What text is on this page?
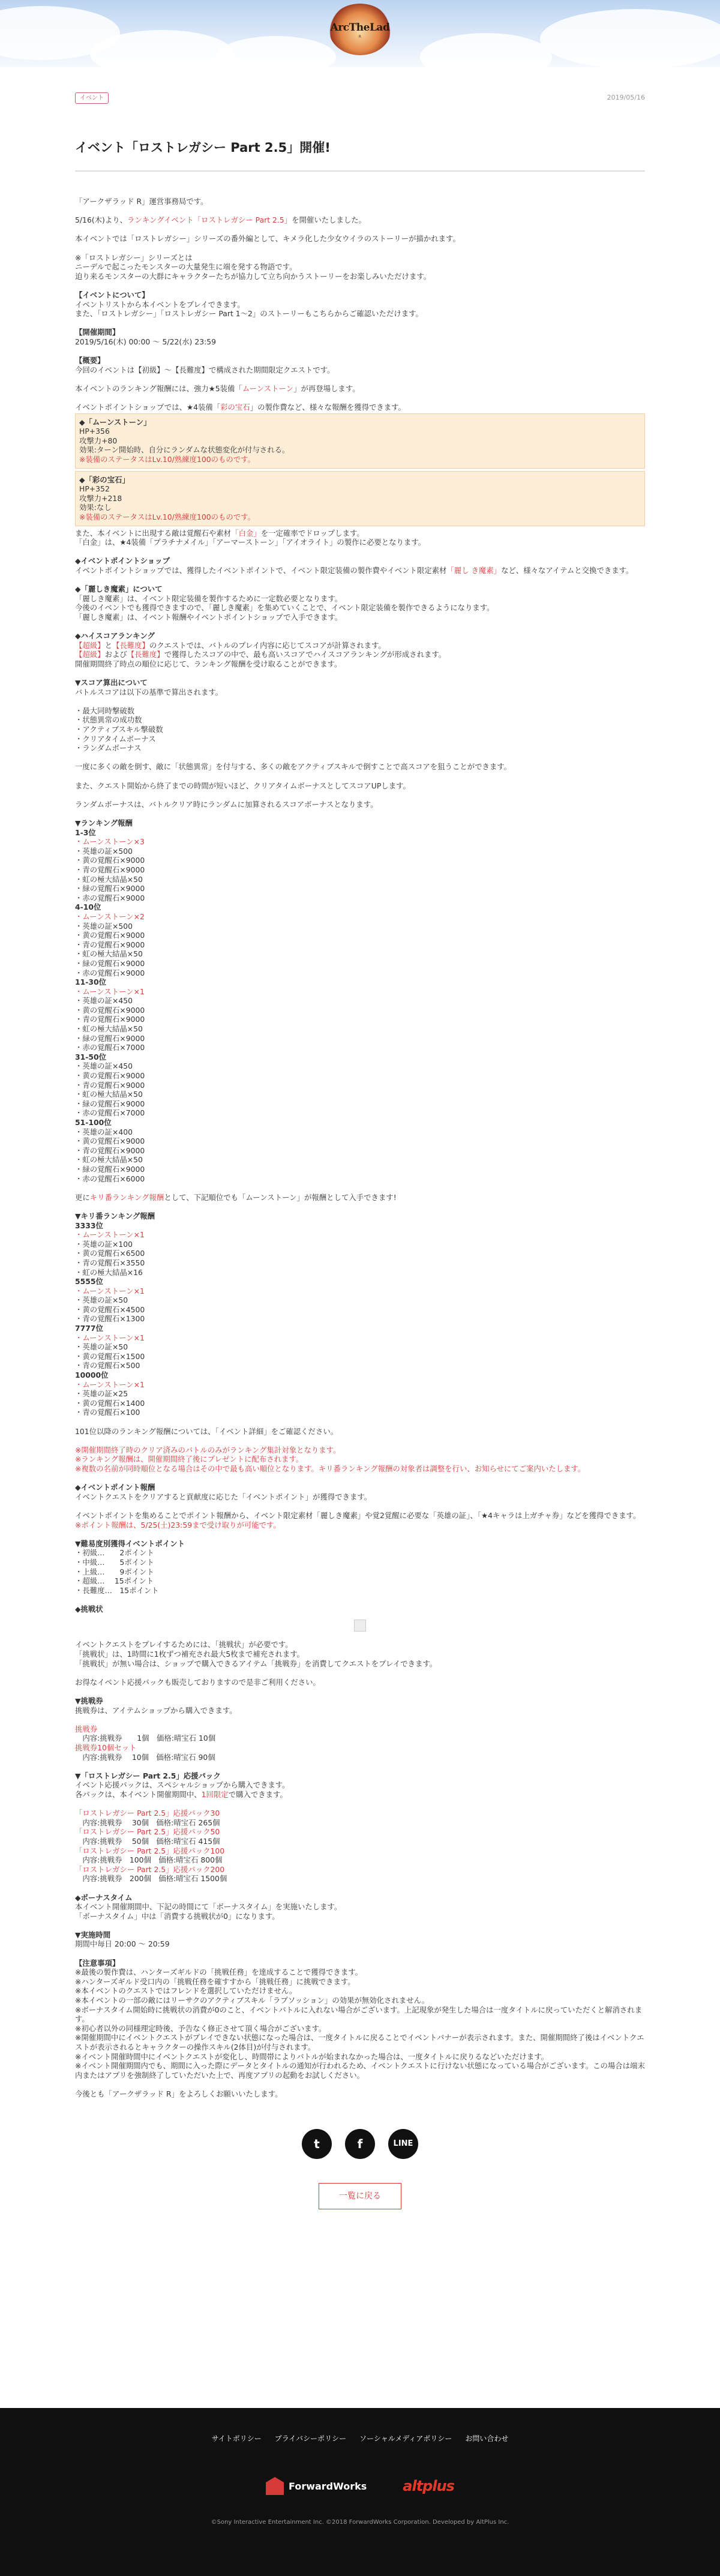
ArcTheLad
R
イベント	2019/05/16
イベント「ロストレガシー Part 2.5」開催!

「アークザラッド R」運営事務局です。

5/16(木)より、ランキングイベント「ロストレガシー Part 2.5」を開催いたしました。

本イベントでは「ロストレガシー」シリーズの番外編として、キメラ化した少女ウイラのストーリーが描かれます。

※「ロストレガシー」シリーズとは

ニーデルで起こったモンスターの大量発生に端を発する物語です。

迫り来るモンスターの大群にキャラクターたちが協力して立ち向かうストーリーをお楽しみいただけます。

【イベントについて】

イベントリストから本イベントをプレイできます。

また、「ロストレガシー」「ロストレガシー Part 1〜2」のストーリーもこちらからご確認いただけます。

【開催期間】

2019/5/16(木) 00:00 〜 5/22(水) 23:59

【概要】

今回のイベントは【初級】〜【長難度】で構成された期間限定クエストです。

本イベントのランキング報酬には、強力★5装備「ムーンストーン」が再登場します。

イベントポイントショップでは、★4装備「彩の宝石」の製作費など、様々な報酬を獲得できます。

◆「ムーンストーン」

HP+356

攻撃力+80

効果:ターン開始時、自分にランダムな状態変化が付与される。

※装備のステータスはLv.10/熟練度100のものです。

◆「彩の宝石」

HP+352

攻撃力+218

効果:なし

※装備のステータスはLv.10/熟練度100のものです。

また、本イベントに出現する敵は覚醒石や素材「白金」を一定確率でドロップします。

「白金」は、★4装備「プラチナメイル」「アーマーストーン」「アイオライト」の製作に必要となります。

◆イベントポイントショップ

イベントポイントショップでは、獲得したイベントポイントで、イベント限定装備の製作費やイベント限定素材「麗し き魔素」など、様々なアイテムと交換できます。

◆「麗しき魔素」について

「麗しき魔素」は、イベント限定装備を製作するために一定数必要となります。

今後のイベントでも獲得できますので、「麗しき魔素」を集めていくことで、イベント限定装備を製作できるようになります。

「麗しき魔素」は、イベント報酬やイベントポイントショップで入手できます。

◆ハイスコアランキング

【超級】と【長難度】のクエストでは、バトルのプレイ内容に応じてスコアが計算されます。

【超級】および【長難度】で獲得したスコアの中で、最も高いスコアでハイスコアランキングが形成されます。

開催期間終了時点の順位に応じて、ランキング報酬を受け取ることができます。

▼スコア算出について

バトルスコアは以下の基準で算出されます。

・最大同時撃破数

・状態異常の成功数

・アクティブスキル撃破数

・クリアタイムボーナス

・ランダムボーナス

一度に多くの敵を倒す、敵に「状態異常」を付与する、多くの敵をアクティブスキルで倒すことで高スコアを狙うことができます。

また、クエスト開始から終了までの時間が短いほど、クリアタイムボーナスとしてスコアUPします。

ランダムボーナスは、バトルクリア時にランダムに加算されるスコアボーナスとなります。

▼ランキング報酬

1-3位

・ムーンストーン×3

・英雄の証×500

・黄の覚醒石×9000

・青の覚醒石×9000

・虹の極大結晶×50

・緑の覚醒石×9000

・赤の覚醒石×9000

4-10位

・ムーンストーン×2

・英雄の証×500

・黄の覚醒石×9000

・青の覚醒石×9000

・虹の極大結晶×50

・緑の覚醒石×9000

・赤の覚醒石×9000

11-30位

・ムーンストーン×1

・英雄の証×450

・黄の覚醒石×9000

・青の覚醒石×9000

・虹の極大結晶×50

・緑の覚醒石×9000

・赤の覚醒石×7000

31-50位

・英雄の証×450

・黄の覚醒石×9000

・青の覚醒石×9000

・虹の極大結晶×50

・緑の覚醒石×9000

・赤の覚醒石×7000

51-100位

・英雄の証×400

・黄の覚醒石×9000

・青の覚醒石×9000

・虹の極大結晶×50

・緑の覚醒石×9000

・赤の覚醒石×6000

更にキリ番ランキング報酬として、下記順位でも「ムーンストーン」が報酬として入手できます!

▼キリ番ランキング報酬

3333位

・ムーンストーン×1

・英雄の証×100

・黄の覚醒石×6500

・青の覚醒石×3550

・虹の極大結晶×16

5555位

・ムーンストーン×1

・英雄の証×50

・黄の覚醒石×4500

・青の覚醒石×1300

7777位

・ムーンストーン×1

・英雄の証×50

・黄の覚醒石×1500

・青の覚醒石×500

10000位

・ムーンストーン×1

・英雄の証×25

・黄の覚醒石×1400

・青の覚醒石×100

101位以降のランキング報酬については、「イベント詳細」をご確認ください。

※開催期間終了時のクリア済みのバトルのみがランキング集計対象となります。

※ランキング報酬は、開催期間終了後にプレゼントに配布されます。

※複数の名前が同時順位となる場合はその中で最も高い順位となります。キリ番ランキング報酬の対象者は調整を行い、お知らせにてご案内いたします。

◆イベントポイント報酬

イベントクエストをクリアすると貢献度に応じた「イベントポイント」が獲得できます。

イベントポイントを集めることでポイント報酬から、イベント限定素材「麗しき魔素」や覚2覚醒に必要な「英雄の証」、「★4キャラは上ガチャ券」などを獲得できます。

※ポイント報酬は、5/25(土)23:59まで受け取りが可能です。

▼難易度別獲得イベントポイント

・初級…　　2ポイント

・中級…　　5ポイント

・上級…　　9ポイント

・超級…　 15ポイント

・長難度…　15ポイント

◆挑戦状

イベントクエストをプレイするためには、「挑戦状」が必要です。

「挑戦状」は、1時間に1枚ずつ補充され最大5枚まで補充されます。

「挑戦状」が無い場合は、ショップで購入できるアイテム「挑戦券」を消費してクエストをプレイできます。

お得なイベント応援パックも販売しておりますので是非ご利用ください。

▼挑戦券

挑戦券は、アイテムショップから購入できます。

挑戦券

　内容:挑戦券　　1個　価格:晴宝石 10個

挑戦券10個セット

　内容:挑戦券　 10個　価格:晴宝石 90個

▼「ロストレガシー Part 2.5」応援パック

イベント応援パックは、スペシャルショップから購入できます。

各パックは、本イベント開催期間中、1回限定で購入できます。

「ロストレガシー Part 2.5」応援パック30

　内容:挑戦券　 30個　価格:晴宝石 265個

「ロストレガシー Part 2.5」応援パック50

　内容:挑戦券　 50個　価格:晴宝石 415個

「ロストレガシー Part 2.5」応援パック100

　内容:挑戦券　100個　価格:晴宝石 800個

「ロストレガシー Part 2.5」応援パック200

　内容:挑戦券　200個　価格:晴宝石 1500個

◆ボーナスタイム

本イベント開催期間中、下記の時間にて「ボーナスタイム」を実施いたします。

「ボーナスタイム」中は「消費する挑戦状が0」になります。

▼実施時間

期間中毎日 20:00 〜 20:59

【注意事項】

※最後の製作費は、ハンターズギルドの「挑戦任務」を達成することで獲得できます。

※ハンターズギルド受口内の「挑戦任務を確すすから「挑戦任務」に挑戦できます。

※本イベントのクエストではフレンドを選択していただけません。

※本イベントの一部の敵にはリーサクのアクティブスキル「ラプソッション」の効果が無効化されません。

※ボーナスタイム開始時に挑戦状の消費が0のこと、イベントバトルに入れない場合がございます。上記現象が発生した場合は一度タイトルに戻っていただくと解消されます。

※初心者以外の同様理定時後、予告なく修正させて頂く場合がございます。

※開催期間中にイベントクエストがプレイできない状態になった場合は、一度タイトルに戻ることでイベントバナーが表示されます。また、開催期間終了後はイベントクエストが表示されるとキャラクターの操作スキル(2体目)が付与されます。

※イベント開催時間中にイベントクエストが変化し、時間帯によりバトルが始まれなかった場合は、一度タイトルに戻りるなどいただけます。

※イベント開催期間内でも、期間に入った際にデータとタイトルの通知が行われるため、イベントクエストに行けない状態になっている場合がございます。この場合は端末内またはアプリを強制終了していただいた上で、再度アプリの起動をお試しください。

今後とも「アークザラッド R」をよろしくお願いいたします。

t	f	LINE
一覧に戻る
サイトポリシー プライバシーポリシー ソーシャルメディアポリシー お問い合わせ
ForwardWorks	altplus
©Sony Interactive Entertainment Inc. ©2018 ForwardWorks Corporation. Developed by AltPlus Inc.
